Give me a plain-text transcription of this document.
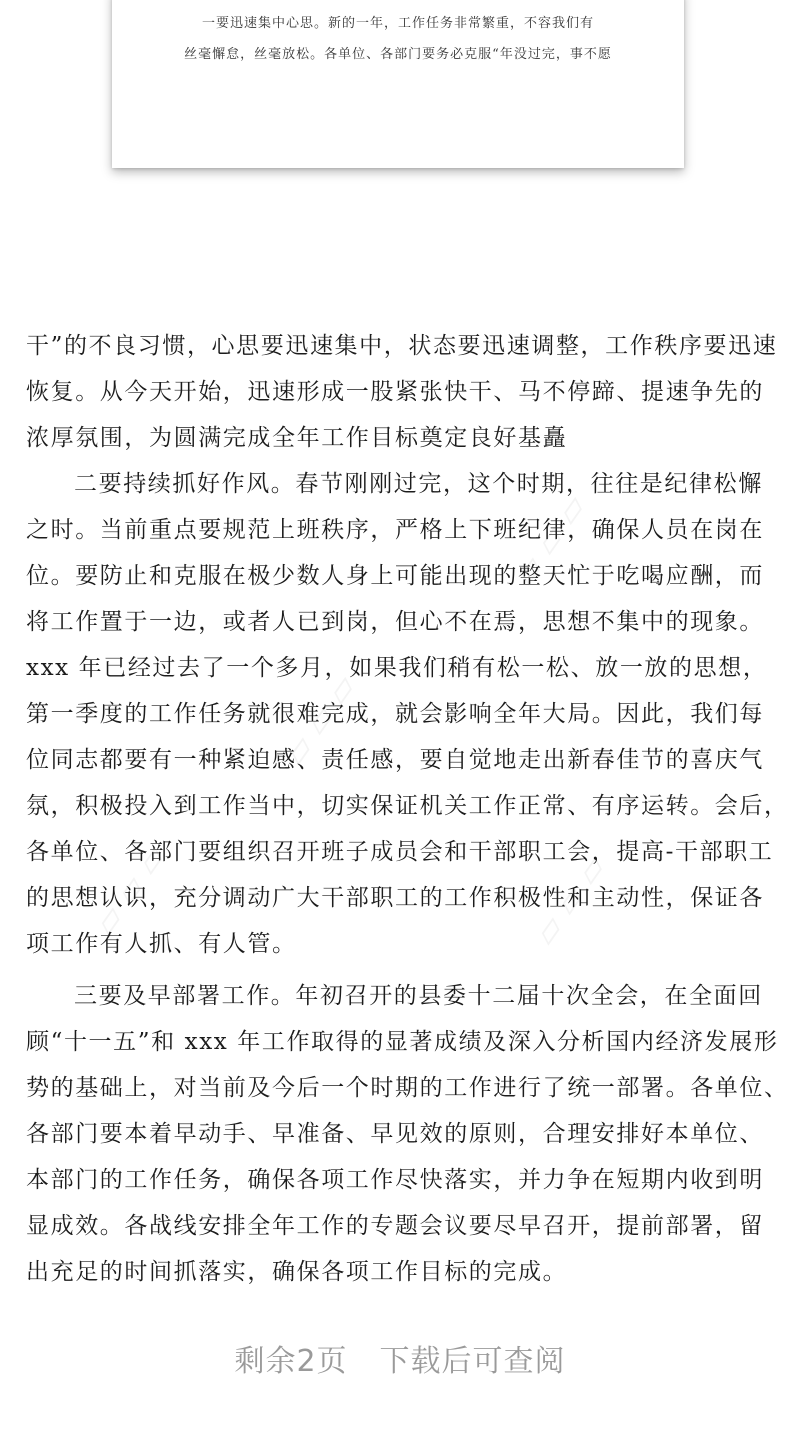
一要迅速集中心思。新的一年，工作任务非常繁重，不容我们有
丝毫懈怠，丝毫放松。各单位、各部门要务必克服“年没过完，事不愿
干”的不良习惯，心思要迅速集中，状态要迅速调整，工作秩序要迅速
恢复。从今天开始，迅速形成一股紧张快干、马不停蹄、提速争先的
浓厚氛围，为圆满完成全年工作目标奠定良好基矗
二要持续抓好作风。春节刚刚过完，这个时期，往往是纪律松懈
之时。当前重点要规范上班秩序，严格上下班纪律，确保人员在岗在
位。要防止和克服在极少数人身上可能出现的整天忙于吃喝应酬，而
将工作置于一边，或者人已到岗，但心不在焉，思想不集中的现象。
xxx 年已经过去了一个多月，如果我们稍有松一松、放一放的思想，
第一季度的工作任务就很难完成，就会影响全年大局。因此，我们每
位同志都要有一种紧迫感、责任感，要自觉地走出新春佳节的喜庆气
氛，积极投入到工作当中，切实保证机关工作正常、有序运转。会后，
各单位、各部门要组织召开班子成员会和干部职工会，提高-干部职工
的思想认识，充分调动广大干部职工的工作积极性和主动性，保证各
项工作有人抓、有人管。
三要及早部署工作。年初召开的县委十二届十次全会，在全面回
顾“十一五”和 xxx 年工作取得的显著成绩及深入分析国内经济发展形
势的基础上，对当前及今后一个时期的工作进行了统一部署。各单位、
各部门要本着早动手、早准备、早见效的原则，合理安排好本单位、
本部门的工作任务，确保各项工作尽快落实，并力争在短期内收到明
显成效。各战线安排全年工作的专题会议要尽早召开，提前部署，留
出充足的时间抓落实，确保各项工作目标的完成。
剩余2页 下载后可查阅
